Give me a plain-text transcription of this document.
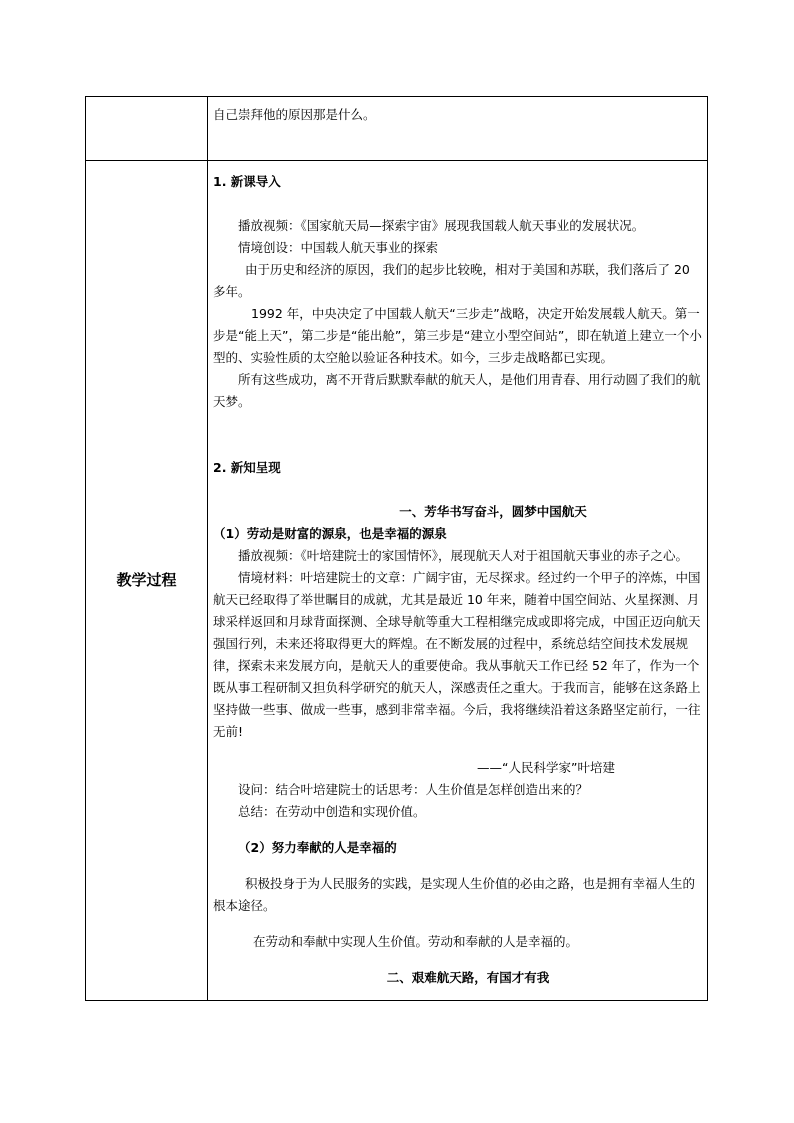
教学过程

自己崇拜他的原因那是什么。

1. 新课导入

播放视频：《国家航天局—探索宇宙》展现我国载人航天事业的发展状况。

情境创设：中国载人航天事业的探索

由于历史和经济的原因，我们的起步比较晚，相对于美国和苏联，我们落后了 20 多年。

1992 年，中央决定了中国载人航天“三步走”战略，决定开始发展载人航天。第一步是“能上天”，第二步是“能出舱”，第三步是“建立小型空间站”，即在轨道上建立一个小型的、实验性质的太空舱以验证各种技术。如今，三步走战略都已实现。

所有这些成功，离不开背后默默奉献的航天人，是他们用青春、用行动圆了我们的航天梦。

2. 新知呈现

一、芳华书写奋斗，圆梦中国航天

（1）劳动是财富的源泉，也是幸福的源泉

播放视频：《叶培建院士的家国情怀》，展现航天人对于祖国航天事业的赤子之心。

情境材料：叶培建院士的文章：广阔宇宙，无尽探求。经过约一个甲子的淬炼，中国航天已经取得了举世瞩目的成就，尤其是最近 10 年来，随着中国空间站、火星探测、月球采样返回和月球背面探测、全球导航等重大工程相继完成或即将完成，中国正迈向航天强国行列，未来还将取得更大的辉煌。在不断发展的过程中，系统总结空间技术发展规律，探索未来发展方向，是航天人的重要使命。我从事航天工作已经 52 年了，作为一个既从事工程研制又担负科学研究的航天人，深感责任之重大。于我而言，能够在这条路上坚持做一些事、做成一些事，感到非常幸福。今后，我将继续沿着这条路坚定前行，一往无前!

——“人民科学家”叶培建

设问：结合叶培建院士的话思考：人生价值是怎样创造出来的？

总结：在劳动中创造和实现价值。

（2）努力奉献的人是幸福的

积极投身于为人民服务的实践，是实现人生价值的必由之路，也是拥有幸福人生的根本途径。

在劳动和奉献中实现人生价值。劳动和奉献的人是幸福的。

二、艰难航天路，有国才有我
